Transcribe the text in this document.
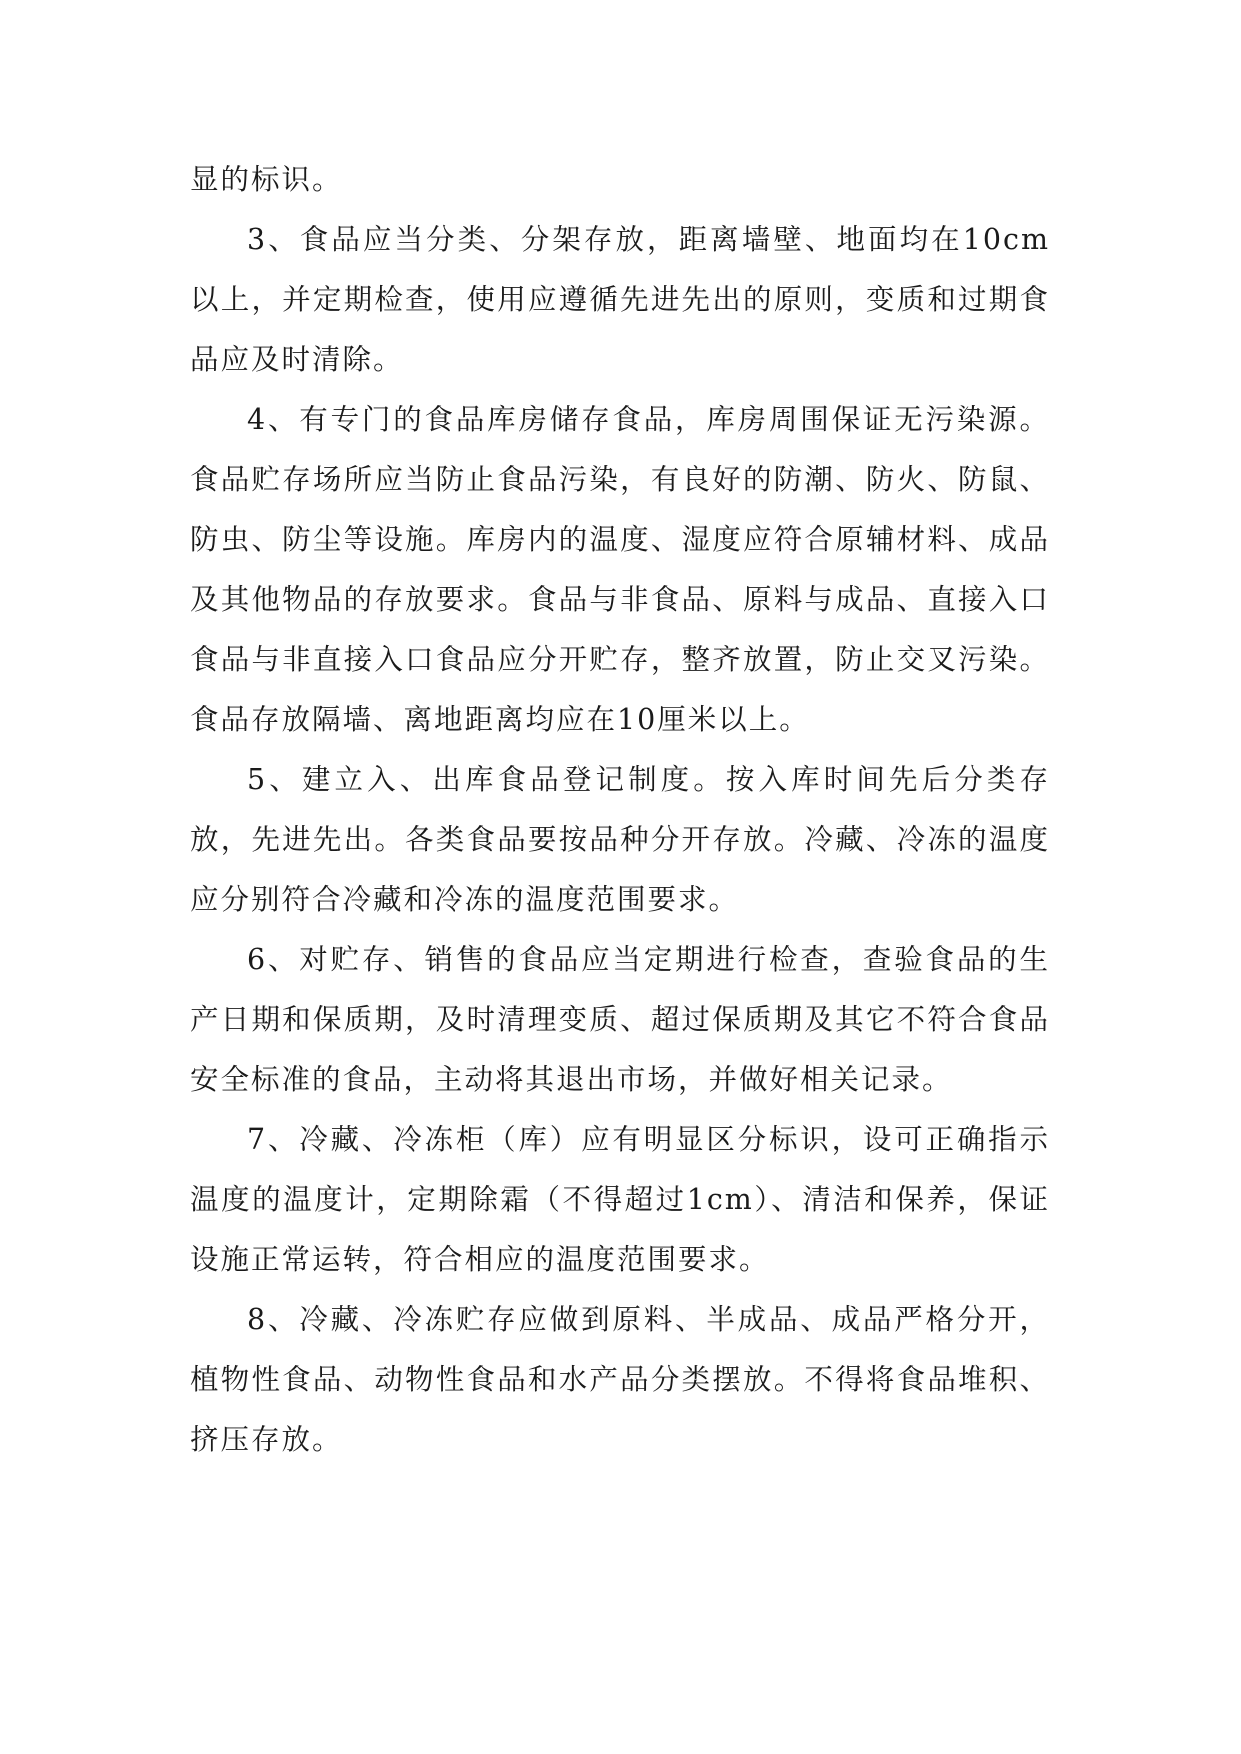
显的标识。

3、食品应当分类、分架存放，距离墙壁、地面均在10cm以上，并定期检查，使用应遵循先进先出的原则，变质和过期食品应及时清除。

4、有专门的食品库房储存食品，库房周围保证无污染源。食品贮存场所应当防止食品污染，有良好的防潮、防火、防鼠、防虫、防尘等设施。库房内的温度、湿度应符合原辅材料、成品及其他物品的存放要求。食品与非食品、原料与成品、直接入口食品与非直接入口食品应分开贮存，整齐放置，防止交叉污染。食品存放隔墙、离地距离均应在10厘米以上。

5、建立入、出库食品登记制度。按入库时间先后分类存放，先进先出。各类食品要按品种分开存放。冷藏、冷冻的温度应分别符合冷藏和冷冻的温度范围要求。

6、对贮存、销售的食品应当定期进行检查，查验食品的生产日期和保质期，及时清理变质、超过保质期及其它不符合食品安全标准的食品，主动将其退出市场，并做好相关记录。

7、冷藏、冷冻柜（库）应有明显区分标识，设可正确指示温度的温度计，定期除霜（不得超过1cm）、清洁和保养，保证设施正常运转，符合相应的温度范围要求。

8、冷藏、冷冻贮存应做到原料、半成品、成品严格分开，植物性食品、动物性食品和水产品分类摆放。不得将食品堆积、挤压存放。
